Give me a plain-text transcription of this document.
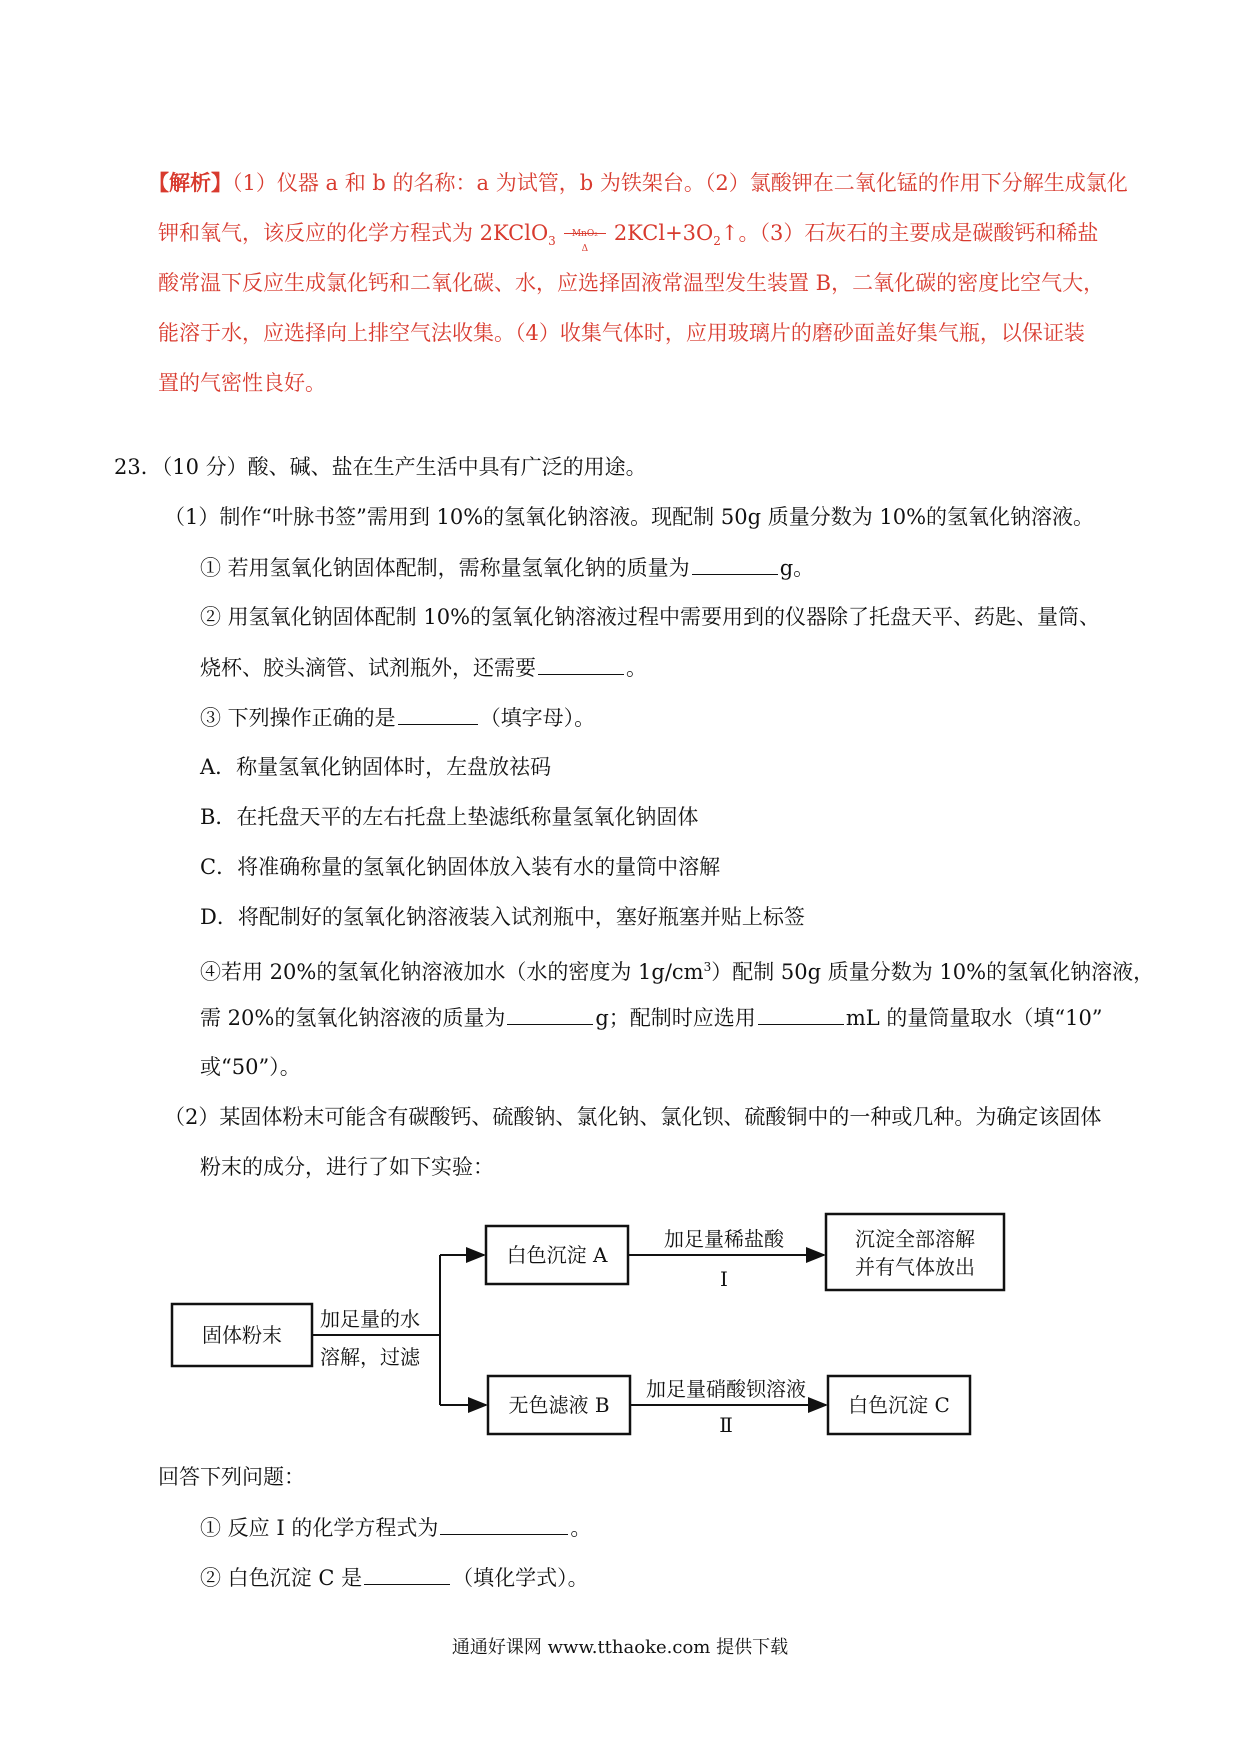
【解析】（1）仪器 a 和 b 的名称：a 为试管，b 为铁架台。（2）氯酸钾在二氧化锰的作用下分解生成氯化
钾和氧气，该反应的化学方程式为 2KClO$_3$
MnO₂
Δ
$2KCl+3O_2↑$。（3）石灰石的主要成是碳酸钙和稀盐
酸常温下反应生成氯化钙和二氧化碳、水，应选择固液常温型发生装置 B，二氧化碳的密度比空气大，
能溶于水，应选择向上排空气法收集。（4）收集气体时，应用玻璃片的磨砂面盖好集气瓶，以保证装
置的气密性良好。
23．（10 分）酸、碱、盐在生产生活中具有广泛的用途。
（1）制作“叶脉书签”需用到 10%的氢氧化钠溶液。现配制 50g 质量分数为 10%的氢氧化钠溶液。
① 若用氢氧化钠固体配制，需称量氢氧化钠的质量为	g。
② 用氢氧化钠固体配制 10%的氢氧化钠溶液过程中需要用到的仪器除了托盘天平、药匙、量筒、
烧杯、胶头滴管、试剂瓶外，还需要	。
③ 下列操作正确的是	（填字母）。
A．称量氢氧化钠固体时，左盘放祛码
B．在托盘天平的左右托盘上垫滤纸称量氢氧化钠固体
C．将准确称量的氢氧化钠固体放入装有水的量筒中溶解
D．将配制好的氢氧化钠溶液装入试剂瓶中，塞好瓶塞并贴上标签
④若用 20%的氢氧化钠溶液加水（水的密度为 $1g/cm^3$）配制 50g 质量分数为 10%的氢氧化钠溶液，
需 20%的氢氧化钠溶液的质量为	g；配制时应选用	mL 的量筒量取水（填“10”
或“50”）。
（2）某固体粉末可能含有碳酸钙、硫酸钠、氯化钠、氯化钡、硫酸铜中的一种或几种。为确定该固体
粉末的成分，进行了如下实验：
固体粉末
加足量的水
溶解，过滤
白色沉淀 A
无色滤液 B
加足量稀盐酸
Ⅰ
加足量硝酸钡溶液
Ⅱ
沉淀全部溶解
并有气体放出
白色沉淀 C
回答下列问题：
① 反应 I 的化学方程式为	。
② 白色沉淀 C 是	（填化学式）。
通通好课网 www.tthaoke.com 提供下载
